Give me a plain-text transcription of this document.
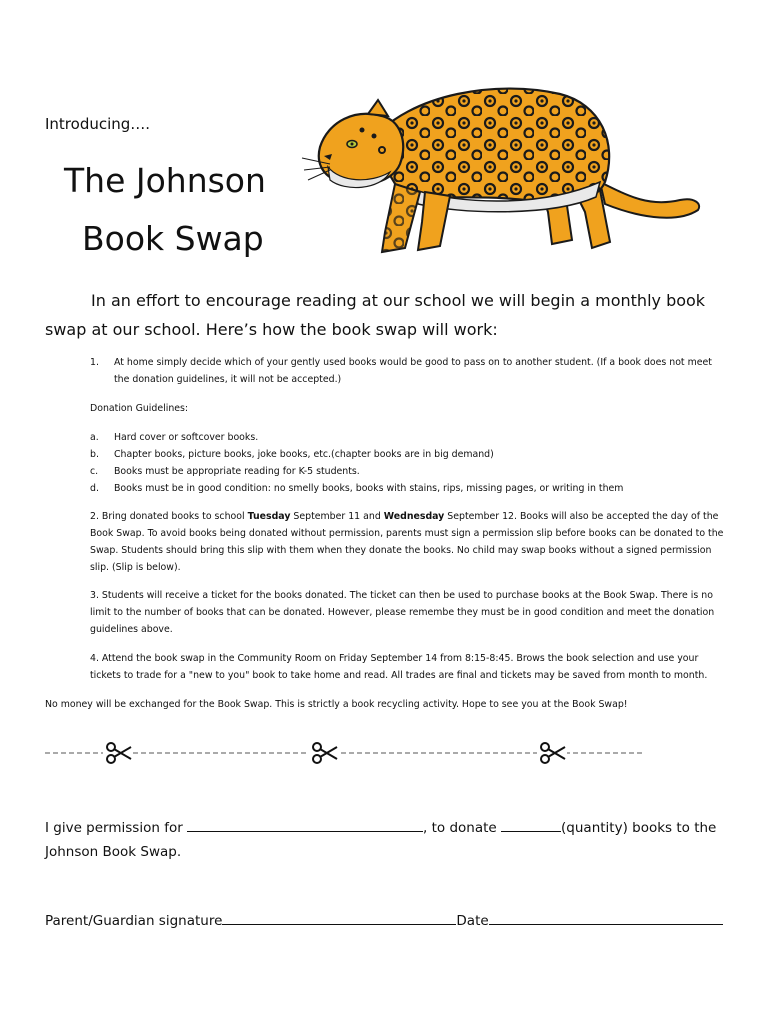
Introducing….
The Johnson
Book Swap
In an effort to encourage reading at our school we will begin a monthly book swap at our school. Here’s how the book swap will work:
1. At home simply decide which of your gently used books would be good to pass on to another student. (If a book does not meet the donation guidelines, it will not be accepted.)
Donation Guidelines:
a. Hard cover or softcover books.
b. Chapter books, picture books, joke books, etc.(chapter books are in big demand)
c. Books must be appropriate reading for K-5 students.
d. Books must be in good condition: no smelly books, books with stains, rips, missing pages, or writing in them
2. Bring donated books to school Tuesday September 11 and Wednesday September 12. Books will also be accepted the day of the Book Swap. To avoid books being donated without permission, parents must sign a permission slip before books can be donated to the Swap. Students should bring this slip with them when they donate the books. No child may swap books without a signed permission slip. (Slip is below).
3. Students will receive a ticket for the books donated. The ticket can then be used to purchase books at the Book Swap. There is no limit to the number of books that can be donated. However, please remembe they must be in good condition and meet the donation guidelines above.
4. Attend the book swap in the Community Room on Friday September 14 from 8:15-8:45. Brows the book selection and use your tickets to trade for a "new to you" book to take home and read. All trades are final and tickets may be saved from month to month.
No money will be exchanged for the Book Swap. This is strictly a book recycling activity. Hope to see you at the Book Swap!
I give permission for	, to donate	(quantity) books to the Johnson Book Swap.
Parent/Guardian signature	Date
